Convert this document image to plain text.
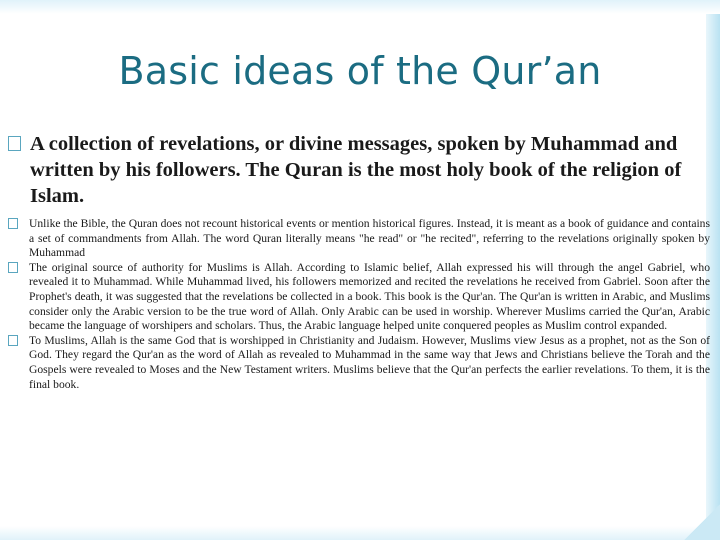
Basic ideas of the Qur’an
A collection of revelations, or divine messages, spoken by Muhammad and written by his followers. The Quran is the most holy book of the religion of Islam.

Unlike the Bible, the Quran does not recount historical events or mention historical figures. Instead, it is meant as a book of guidance and contains a set of commandments from Allah. The word Quran literally means "he read" or "he recited", referring to the revelations originally spoken by Muhammad

The original source of authority for Muslims is Allah. According to Islamic belief, Allah expressed his will through the angel Gabriel, who revealed it to Muhammad. While Muhammad lived, his followers memorized and recited the revelations he received from Gabriel. Soon after the Prophet's death, it was suggested that the revelations be collected in a book. This book is the Qur'an. The Qur'an is written in Arabic, and Muslims consider only the Arabic version to be the true word of Allah. Only Arabic can be used in worship. Wherever Muslims carried the Qur'an, Arabic became the language of worshipers and scholars. Thus, the Arabic language helped unite conquered peoples as Muslim control expanded.

To Muslims, Allah is the same God that is worshipped in Christianity and Judaism. However, Muslims view Jesus as a prophet, not as the Son of God. They regard the Qur'an as the word of Allah as revealed to Muhammad in the same way that Jews and Christians believe the Torah and the Gospels were revealed to Moses and the New Testament writers. Muslims believe that the Qur'an perfects the earlier revelations. To them, it is the final book.
